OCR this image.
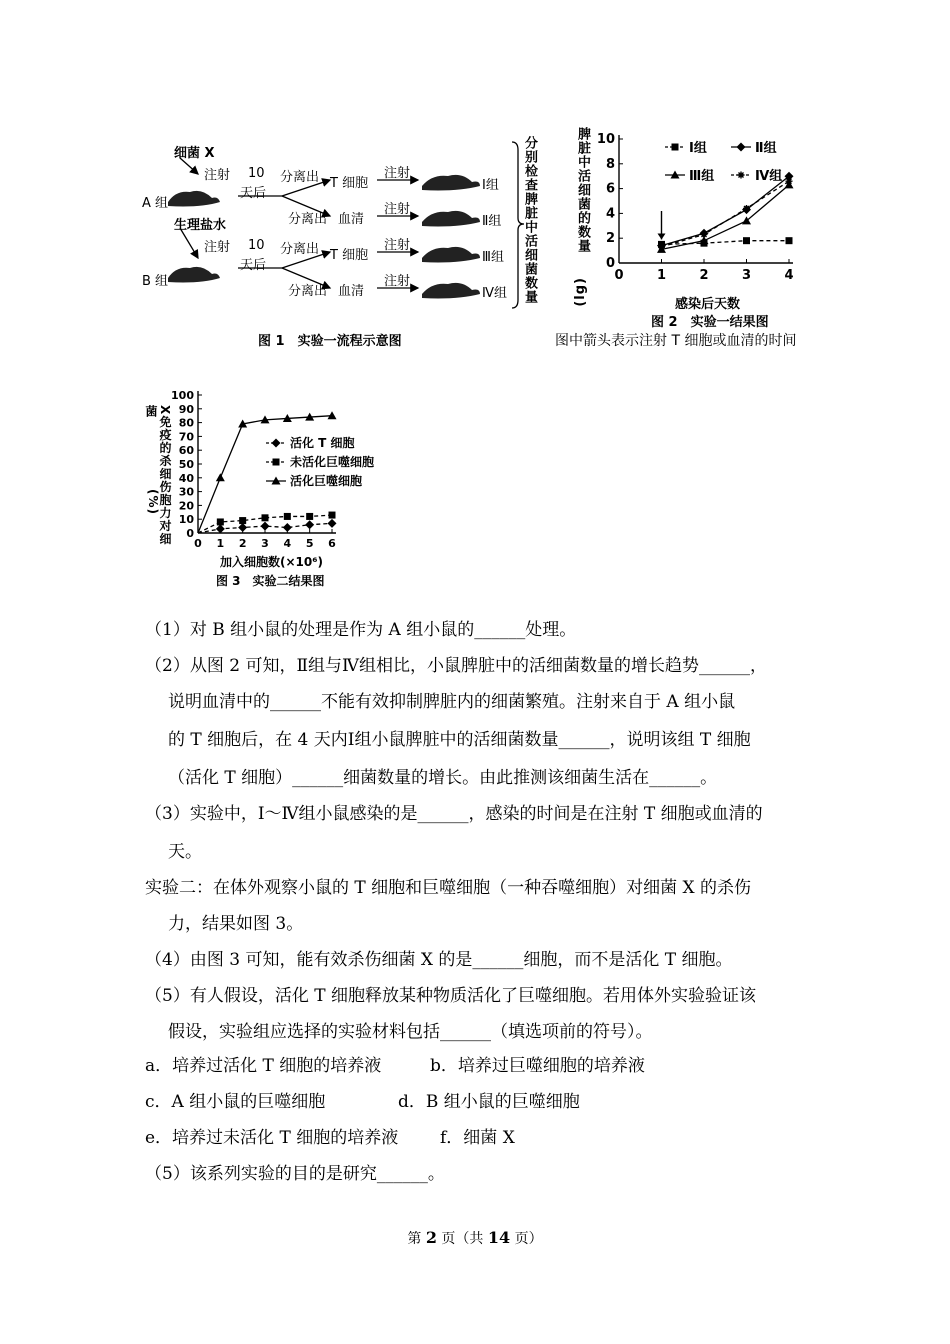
细菌 X
注射
A 组
10
天后
分离出
分离出
T 细胞
血清
注射
注射
Ⅰ组
Ⅱ组
生理盐水
注射
B 组
10
天后
分离出
分离出
T 细胞
血清
注射
注射
Ⅲ组
Ⅳ组 分别检查脾脏中活细菌数量
图 1　实验一流程示意图
脾脏中活细菌的数量
(lg)
0
2
4
6
8
10
0	1	2	3	4
Ⅰ组	Ⅱ组
Ⅲ组	Ⅳ组
感染后天数
图 2　实验一结果图
图中箭头表示注射 T 细胞或血清的时间
X免疫的杀细伤胞力对细菌
(%)
0
10
20
30
40
50
60
70
80
90
100
0 1 2 3 4 5 6
活化 T 细胞
未活化巨噬细胞
活化巨噬细胞
加入细胞数(×10⁶)
图 3　实验二结果图
（1）对 B 组小鼠的处理是作为 A 组小鼠的______处理。
（2）从图 2 可知，Ⅱ组与Ⅳ组相比，小鼠脾脏中的活细菌数量的增长趋势______，
说明血清中的______不能有效抑制脾脏内的细菌繁殖。注射来自于 A 组小鼠
的 T 细胞后，在 4 天内Ⅰ组小鼠脾脏中的活细菌数量______，说明该组 T 细胞
（活化 T 细胞）______细菌数量的增长。由此推测该细菌生活在______。
（3）实验中，Ⅰ～Ⅳ组小鼠感染的是______，感染的时间是在注射 T 细胞或血清的
天。
实验二：在体外观察小鼠的 T 细胞和巨噬细胞（一种吞噬细胞）对细菌 X 的杀伤
力，结果如图 3。
（4）由图 3 可知，能有效杀伤细菌 X 的是______细胞，而不是活化 T 细胞。
（5）有人假设，活化 T 细胞释放某种物质活化了巨噬细胞。若用体外实验验证该
假设，实验组应选择的实验材料包括______（填选项前的符号）。
a．培养过活化 T 细胞的培养液	b．培养过巨噬细胞的培养液
c．A 组小鼠的巨噬细胞	d．B 组小鼠的巨噬细胞
e．培养过未活化 T 细胞的培养液 f．细菌 X
（5）该系列实验的目的是研究______。
第 2 页（共 14 页）
